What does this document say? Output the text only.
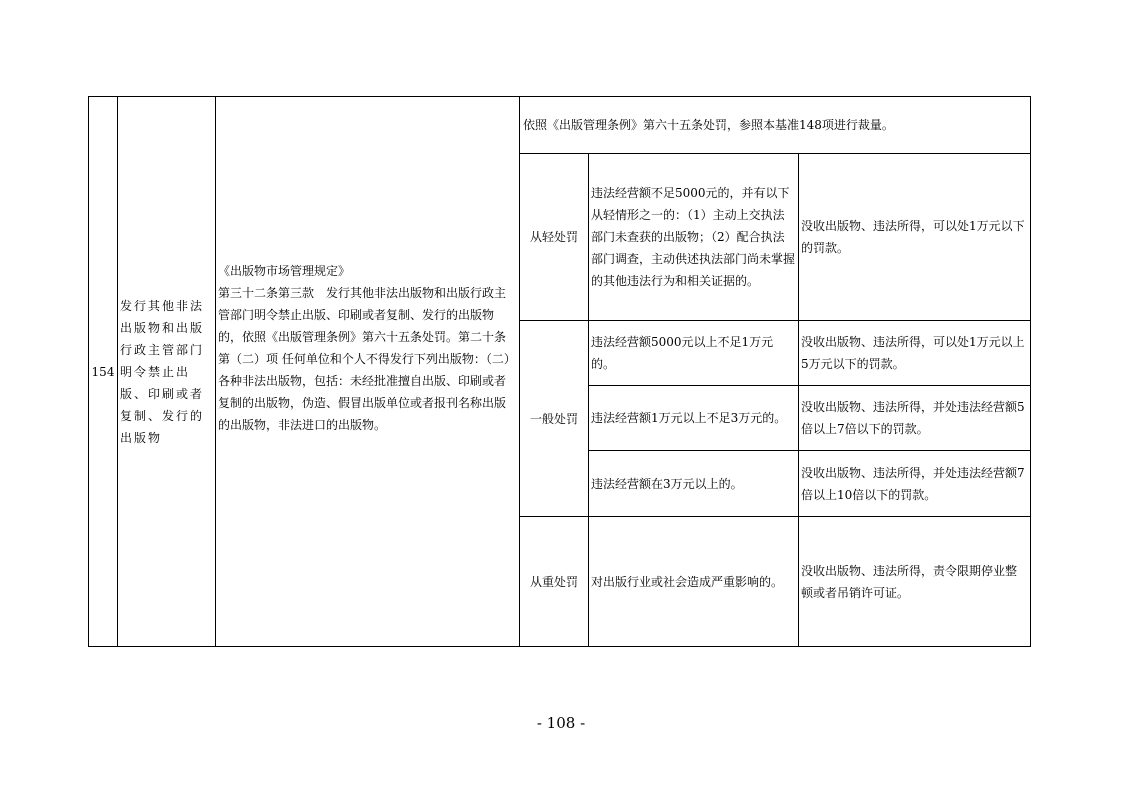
154
发行其他非法出版物和出版行政主管部门明令禁止出版、印刷或者复制、发行的出版物
《出版物市场管理规定》
第三十二条第三款　发行其他非法出版物和出版行政主管部门明令禁止出版、印刷或者复制、发行的出版物的，依照《出版管理条例》第六十五条处罚。第二十条第（二）项 任何单位和个人不得发行下列出版物：（二）各种非法出版物，包括：未经批准擅自出版、印刷或者复制的出版物，伪造、假冒出版单位或者报刊名称出版的出版物，非法进口的出版物。
依照《出版管理条例》第六十五条处罚，参照本基准148项进行裁量。
从轻处罚
违法经营额不足5000元的，并有以下从轻情形之一的：（1）主动上交执法部门未查获的出版物；（2）配合执法部门调查，主动供述执法部门尚未掌握的其他违法行为和相关证据的。
没收出版物、违法所得，可以处1万元以下的罚款。
一般处罚
违法经营额5000元以上不足1万元的。
没收出版物、违法所得，可以处1万元以上5万元以下的罚款。
违法经营额1万元以上不足3万元的。
没收出版物、违法所得，并处违法经营额5倍以上7倍以下的罚款。
违法经营额在3万元以上的。
没收出版物、违法所得，并处违法经营额7倍以上10倍以下的罚款。
从重处罚	对出版行业或社会造成严重影响的。
没收出版物、违法所得，责令限期停业整顿或者吊销许可证。
- 108 -
